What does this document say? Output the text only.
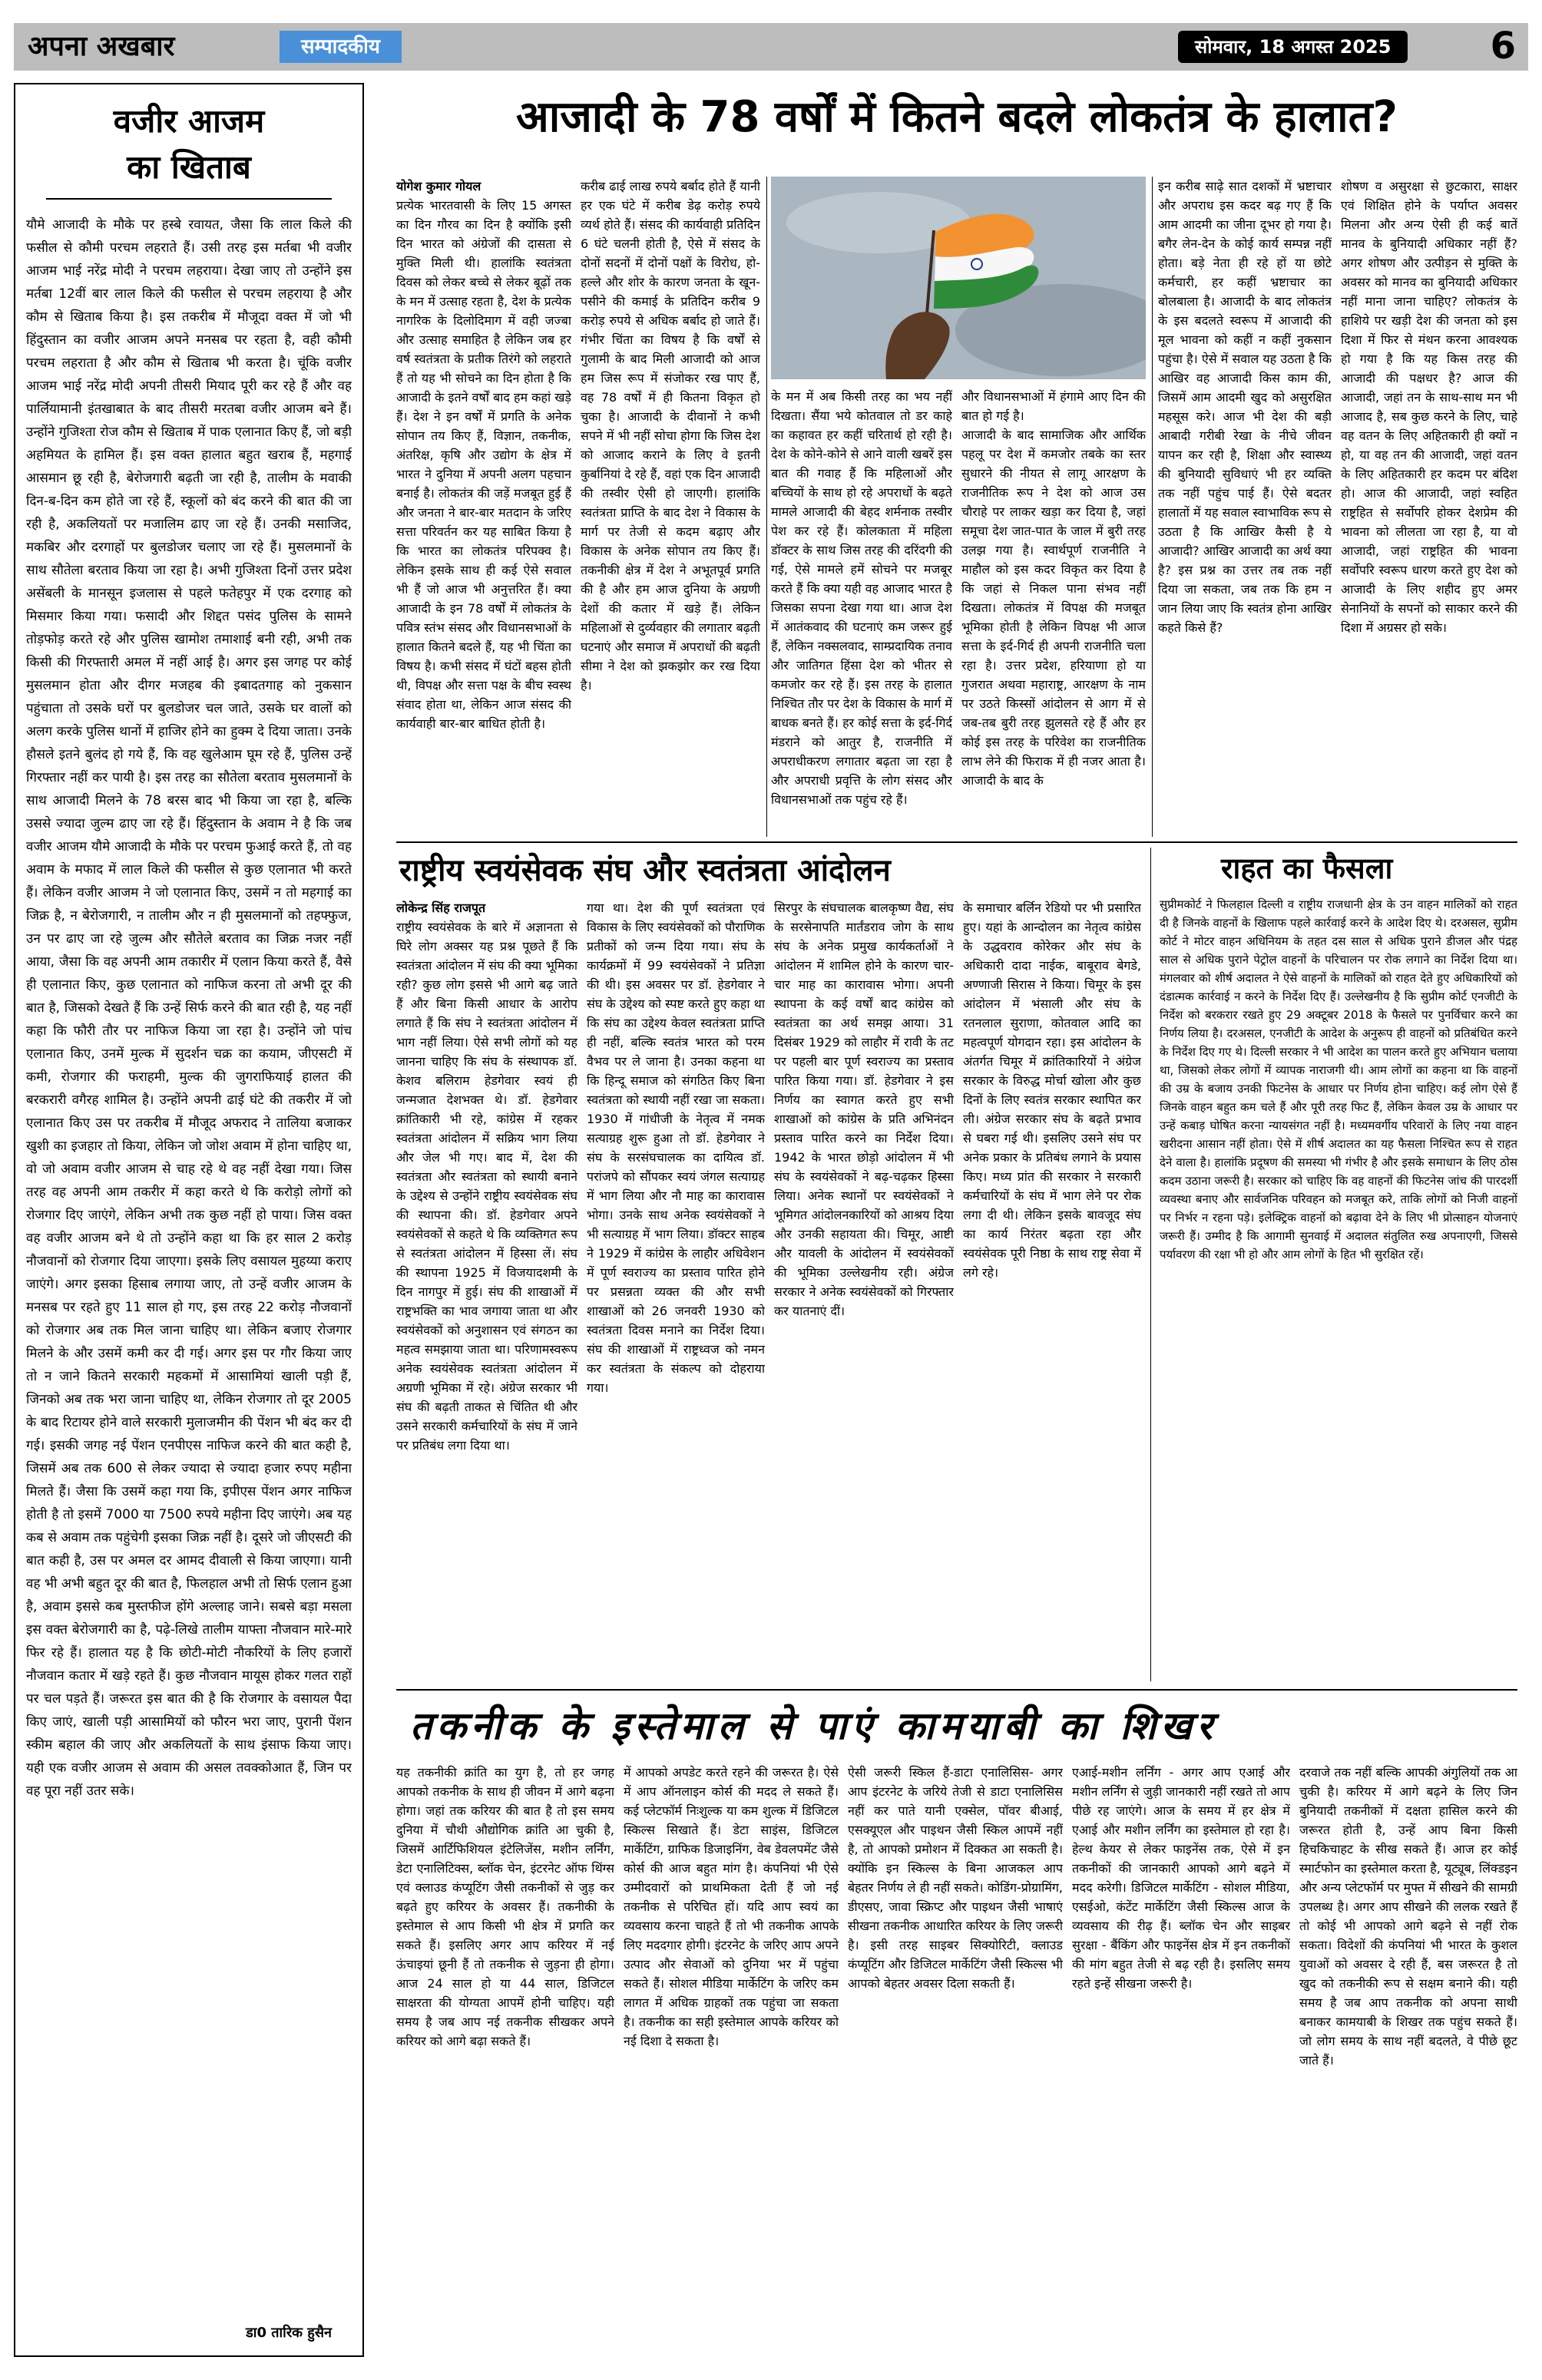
अपना अखबार	सम्पादकीय	सोमवार, 18 अगस्त 2025	6
वजीर आजम
का खिताब
यौमे आजादी के मौके पर हस्बे रवायत, जैसा कि लाल किले की फसील से कौमी परचम लहराते हैं। उसी तरह इस मर्तबा भी वजीर आजम भाई नरेंद्र मोदी ने परचम लहराया। देखा जाए तो उन्होंने इस मर्तबा 12वीं बार लाल किले की फसील से परचम लहराया है और कौम से खिताब किया है। इस तकरीब में मौजूदा वक्त में जो भी हिंदुस्तान का वजीर आजम अपने मनसब पर रहता है, वही कौमी परचम लहराता है और कौम से खिताब भी करता है। चूंकि वजीर आजम भाई नरेंद्र मोदी अपनी तीसरी मियाद पूरी कर रहे हैं और वह पार्लियामानी इंतखाबात के बाद तीसरी मरतबा वजीर आजम बने हैं। उन्होंने गुजिश्ता रोज कौम से खिताब में पाक एलानात किए हैं, जो बड़ी अहमियत के हामिल हैं। इस वक्त हालात बहुत खराब हैं, महगाई आसमान छू रही है, बेरोजगारी बढ़ती जा रही है, तालीम के मवाकी दिन-ब-दिन कम होते जा रहे हैं, स्कूलों को बंद करने की बात की जा रही है, अकलियतों पर मजालिम ढाए जा रहे हैं। उनकी मसाजिद, मकबिर और दरगाहों पर बुलडोजर चलाए जा रहे हैं। मुसलमानों के साथ सौतेला बरताव किया जा रहा है। अभी गुजिश्ता दिनों उत्तर प्रदेश असेंबली के मानसून इजलास से पहले फतेहपुर में एक दरगाह को मिसमार किया गया। फसादी और शिद्दत पसंद पुलिस के सामने तोड़फोड़ करते रहे और पुलिस खामोश तमाशाई बनी रही, अभी तक किसी की गिरफ्तारी अमल में नहीं आई है। अगर इस जगह पर कोई मुसलमान होता और दीगर मजहब की इबादतगाह को नुकसान पहुंचाता तो उसके घरों पर बुलडोजर चल जाते, उसके घर वालों को अलग करके पुलिस थानों में हाजिर होने का हुक्म दे दिया जाता। उनके हौसले इतने बुलंद हो गये हैं, कि वह खुलेआम घूम रहे हैं, पुलिस उन्हें गिरफ्तार नहीं कर पायी है। इस तरह का सौतेला बरताव मुसलमानों के साथ आजादी मिलने के 78 बरस बाद भी किया जा रहा है, बल्कि उससे ज्यादा जुल्म ढाए जा रहे हैं। हिंदुस्तान के अवाम ने है कि जब वजीर आजम यौमे आजादी के मौके पर परचम फुआई करते हैं, तो वह अवाम के मफाद में लाल किले की फसील से कुछ एलानात भी करते हैं। लेकिन वजीर आजम ने जो एलानात किए, उसमें न तो महगाई का जिक्र है, न बेरोजगारी, न तालीम और न ही मुसलमानों को तहफ्फुज, उन पर ढाए जा रहे जुल्म और सौतेले बरताव का जिक्र नजर नहीं आया, जैसा कि वह अपनी आम तकारीर में एलान किया करते हैं, वैसे ही एलानात किए, कुछ एलानात को नाफिज करना तो अभी दूर की बात है, जिसको देखते हैं कि उन्हें सिर्फ करने की बात रही है, यह नहीं कहा कि फौरी तौर पर नाफिज किया जा रहा है। उन्होंने जो पांच एलानात किए, उनमें मुल्क में सुदर्शन चक्र का कयाम, जीएसटी में कमी, रोजगार की फराहमी, मुल्क की जुगराफियाई हालत की बरकरारी वगैरह शामिल है। उन्होंने अपनी ढाई घंटे की तकरीर में जो एलानात किए उस पर तकरीब में मौजूद अफराद ने तालिया बजाकर खुशी का इजहार तो किया, लेकिन जो जोश अवाम में होना चाहिए था, वो जो अवाम वजीर आजम से चाह रहे थे वह नहीं देखा गया। जिस तरह वह अपनी आम तकरीर में कहा करते थे कि करोड़ो लोगों को रोजगार दिए जाएंगे, लेकिन अभी तक कुछ नहीं हो पाया। जिस वक्त वह वजीर आजम बने थे तो उन्होंने कहा था कि हर साल 2 करोड़ नौजवानों को रोजगार दिया जाएगा। इसके लिए वसायल मुहय्या कराए जाएंगे। अगर इसका हिसाब लगाया जाए, तो उन्हें वजीर आजम के मनसब पर रहते हुए 11 साल हो गए, इस तरह 22 करोड़ नौजवानों को रोजगार अब तक मिल जाना चाहिए था। लेकिन बजाए रोजगार मिलने के और उसमें कमी कर दी गई। अगर इस पर गौर किया जाए तो न जाने कितने सरकारी महकमों में आसामियां खाली पड़ी हैं, जिनको अब तक भरा जाना चाहिए था, लेकिन रोजगार तो दूर 2005 के बाद रिटायर होने वाले सरकारी मुलाजमीन की पेंशन भी बंद कर दी गई। इसकी जगह नई पेंशन एनपीएस नाफिज करने की बात कही है, जिसमें अब तक 600 से लेकर ज्यादा से ज्यादा हजार रुपए महीना मिलते हैं। जैसा कि उसमें कहा गया कि, इपीएस पेंशन अगर नाफिज होती है तो इसमें 7000 या 7500 रुपये महीना दिए जाएंगे। अब यह कब से अवाम तक पहुंचेगी इसका जिक्र नहीं है। दूसरे जो जीएसटी की बात कही है, उस पर अमल दर आमद दीवाली से किया जाएगा। यानी वह भी अभी बहुत दूर की बात है, फिलहाल अभी तो सिर्फ एलान हुआ है, अवाम इससे कब मुस्तफीज होंगे अल्लाह जाने। सबसे बड़ा मसला इस वक्त बेरोजगारी का है, पढ़े-लिखे तालीम याफ्ता नौजवान मारे-मारे फिर रहे हैं। हालात यह है कि छोटी-मोटी नौकरियों के लिए हजारों नौजवान कतार में खड़े रहते हैं। कुछ नौजवान मायूस होकर गलत राहों पर चल पड़ते हैं। जरूरत इस बात की है कि रोजगार के वसायल पैदा किए जाएं, खाली पड़ी आसामियों को फौरन भरा जाए, पुरानी पेंशन स्कीम बहाल की जाए और अकलियतों के साथ इंसाफ किया जाए। यही एक वजीर आजम से अवाम की असल तवक्कोआत हैं, जिन पर वह पूरा नहीं उतर सके।
डा0 तारिक हुसैन
आजादी के 78 वर्षों में कितने बदले लोकतंत्र के हालात?
योगेश कुमार गोयल
प्रत्येक भारतवासी के लिए 15 अगस्त का दिन गौरव का दिन है क्योंकि इसी दिन भारत को अंग्रेजों की दासता से मुक्ति मिली थी। हालांकि स्वतंत्रता दिवस को लेकर बच्चे से लेकर बूढ़ों तक के मन में उत्साह रहता है, देश के प्रत्येक नागरिक के दिलोदिमाग में वही जज्बा और उत्साह समाहित है लेकिन जब हर वर्ष स्वतंत्रता के प्रतीक तिरंगे को लहराते हैं तो यह भी सोचने का दिन होता है कि आजादी के इतने वर्षों बाद हम कहां खड़े हैं। देश ने इन वर्षों में प्रगति के अनेक सोपान तय किए हैं, विज्ञान, तकनीक, अंतरिक्ष, कृषि और उद्योग के क्षेत्र में भारत ने दुनिया में अपनी अलग पहचान बनाई है। लोकतंत्र की जड़ें मजबूत हुई हैं और जनता ने बार-बार मतदान के जरिए सत्ता परिवर्तन कर यह साबित किया है कि भारत का लोकतंत्र परिपक्व है। लेकिन इसके साथ ही कई ऐसे सवाल भी हैं जो आज भी अनुत्तरित हैं। क्या आजादी के इन 78 वर्षों में लोकतंत्र के पवित्र स्तंभ संसद और विधानसभाओं के हालात कितने बदले हैं, यह भी चिंता का विषय है। कभी संसद में घंटों बहस होती थी, विपक्ष और सत्ता पक्ष के बीच स्वस्थ संवाद होता था, लेकिन आज संसद की कार्यवाही बार-बार बाधित होती है।
करीब ढाई लाख रुपये बर्बाद होते हैं यानी हर एक घंटे में करीब डेढ़ करोड़ रुपये व्यर्थ होते हैं। संसद की कार्यवाही प्रतिदिन 6 घंटे चलनी होती है, ऐसे में संसद के दोनों सदनों में दोनों पक्षों के विरोध, हो-हल्ले और शोर के कारण जनता के खून-पसीने की कमाई के प्रतिदिन करीब 9 करोड़ रुपये से अधिक बर्बाद हो जाते हैं। गंभीर चिंता का विषय है कि वर्षों से गुलामी के बाद मिली आजादी को आज हम जिस रूप में संजोकर रख पाए हैं, वह 78 वर्षों में ही कितना विकृत हो चुका है। आजादी के दीवानों ने कभी सपने में भी नहीं सोचा होगा कि जिस देश को आजाद कराने के लिए वे इतनी कुर्बानियां दे रहे हैं, वहां एक दिन आजादी की तस्वीर ऐसी हो जाएगी। हालांकि स्वतंत्रता प्राप्ति के बाद देश ने विकास के मार्ग पर तेजी से कदम बढ़ाए और विकास के अनेक सोपान तय किए हैं। तकनीकी क्षेत्र में देश ने अभूतपूर्व प्रगति की है और हम आज दुनिया के अग्रणी देशों की कतार में खड़े हैं। लेकिन महिलाओं से दुर्व्यवहार की लगातार बढ़ती घटनाएं और समाज में अपराधों की बढ़ती सीमा ने देश को झकझोर कर रख दिया है।
के मन में अब किसी तरह का भय नहीं दिखता। सैंया भये कोतवाल तो डर काहे का कहावत हर कहीं चरितार्थ हो रही है। देश के कोने-कोने से आने वाली खबरें इस बात की गवाह हैं कि महिलाओं और बच्चियों के साथ हो रहे अपराधों के बढ़ते मामले आजादी की बेहद शर्मनाक तस्वीर पेश कर रहे हैं। कोलकाता में महिला डॉक्टर के साथ जिस तरह की दरिंदगी की गई, ऐसे मामले हमें सोचने पर मजबूर करते हैं कि क्या यही वह आजाद भारत है जिसका सपना देखा गया था। आज देश में आतंकवाद की घटनाएं कम जरूर हुई हैं, लेकिन नक्सलवाद, साम्प्रदायिक तनाव और जातिगत हिंसा देश को भीतर से कमजोर कर रहे हैं। इस तरह के हालात निश्चित तौर पर देश के विकास के मार्ग में बाधक बनते हैं। हर कोई सत्ता के इर्द-गिर्द मंडराने को आतुर है, राजनीति में अपराधीकरण लगातार बढ़ता जा रहा है और अपराधी प्रवृत्ति के लोग संसद और विधानसभाओं तक पहुंच रहे हैं।
और विधानसभाओं में हंगामे आए दिन की बात हो गई है।
आजादी के बाद सामाजिक और आर्थिक पहलू पर देश में कमजोर तबके का स्तर सुधारने की नीयत से लागू आरक्षण के राजनीतिक रूप ने देश को आज उस चौराहे पर लाकर खड़ा कर दिया है, जहां समूचा देश जात-पात के जाल में बुरी तरह उलझ गया है। स्वार्थपूर्ण राजनीति ने माहौल को इस कदर विकृत कर दिया है कि जहां से निकल पाना संभव नहीं दिखता। लोकतंत्र में विपक्ष की मजबूत भूमिका होती है लेकिन विपक्ष भी आज सत्ता के इर्द-गिर्द ही अपनी राजनीति चला रहा है। उत्तर प्रदेश, हरियाणा हो या गुजरात अथवा महाराष्ट्र, आरक्षण के नाम पर उठते किस्सों आंदोलन से आग में से जब-तब बुरी तरह झुलसते रहे हैं और हर कोई इस तरह के परिवेश का राजनीतिक लाभ लेने की फिराक में ही नजर आता है। आजादी के बाद के
इन करीब साढ़े सात दशकों में भ्रष्टाचार और अपराध इस कदर बढ़ गए हैं कि आम आदमी का जीना दूभर हो गया है। बगैर लेन-देन के कोई कार्य सम्पन्न नहीं होता। बड़े नेता ही रहे हों या छोटे कर्मचारी, हर कहीं भ्रष्टाचार का बोलबाला है। आजादी के बाद लोकतंत्र के इस बदलते स्वरूप में आजादी की मूल भावना को कहीं न कहीं नुकसान पहुंचा है। ऐसे में सवाल यह उठता है कि आखिर वह आजादी किस काम की, जिसमें आम आदमी खुद को असुरक्षित महसूस करे। आज भी देश की बड़ी आबादी गरीबी रेखा के नीचे जीवन यापन कर रही है, शिक्षा और स्वास्थ्य की बुनियादी सुविधाएं भी हर व्यक्ति तक नहीं पहुंच पाई हैं। ऐसे बदतर हालातों में यह सवाल स्वाभाविक रूप से उठता है कि आखिर कैसी है ये आजादी? आखिर आजादी का अर्थ क्या है? इस प्रश्न का उत्तर तब तक नहीं दिया जा सकता, जब तक कि हम न जान लिया जाए कि स्वतंत्र होना आखिर कहते किसे हैं?
शोषण व असुरक्षा से छुटकारा, साक्षर एवं शिक्षित होने के पर्याप्त अवसर मिलना और अन्य ऐसी ही कई बातें मानव के बुनियादी अधिकार नहीं हैं? अगर शोषण और उत्पीड़न से मुक्ति के अवसर को मानव का बुनियादी अधिकार नहीं माना जाना चाहिए? लोकतंत्र के हाशिये पर खड़ी देश की जनता को इस दिशा में फिर से मंथन करना आवश्यक हो गया है कि यह किस तरह की आजादी की पक्षधर है? आज की आजादी, जहां तन के साथ-साथ मन भी आजाद है, सब कुछ करने के लिए, चाहे वह वतन के लिए अहितकारी ही क्यों न हो, या वह तन की आजादी, जहां वतन के लिए अहितकारी हर कदम पर बंदिश हो। आज की आजादी, जहां स्वहित राष्ट्रहित से सर्वोपरि होकर देशप्रेम की भावना को लीलता जा रहा है, या वो आजादी, जहां राष्ट्रहित की भावना सर्वोपरि स्वरूप धारण करते हुए देश को आजादी के लिए शहीद हुए अमर सेनानियों के सपनों को साकार करने की दिशा में अग्रसर हो सके।
राष्ट्रीय स्वयंसेवक संघ और स्वतंत्रता आंदोलन
लोकेन्द्र सिंह राजपूत
राष्ट्रीय स्वयंसेवक के बारे में अज्ञानता से घिरे लोग अक्सर यह प्रश्न पूछते हैं कि स्वतंत्रता आंदोलन में संघ की क्या भूमिका रही? कुछ लोग इससे भी आगे बढ़ जाते हैं और बिना किसी आधार के आरोप लगाते हैं कि संघ ने स्वतंत्रता आंदोलन में भाग नहीं लिया। ऐसे सभी लोगों को यह जानना चाहिए कि संघ के संस्थापक डॉ. केशव बलिराम हेडगेवार स्वयं ही जन्मजात देशभक्त थे। डॉ. हेडगेवार क्रांतिकारी भी रहे, कांग्रेस में रहकर स्वतंत्रता आंदोलन में सक्रिय भाग लिया और जेल भी गए। बाद में, देश की स्वतंत्रता और स्वतंत्रता को स्थायी बनाने के उद्देश्य से उन्होंने राष्ट्रीय स्वयंसेवक संघ की स्थापना की। डॉ. हेडगेवार अपने स्वयंसेवकों से कहते थे कि व्यक्तिगत रूप से स्वतंत्रता आंदोलन में हिस्सा लें। संघ की स्थापना 1925 में विजयादशमी के दिन नागपुर में हुई। संघ की शाखाओं में राष्ट्रभक्ति का भाव जगाया जाता था और स्वयंसेवकों को अनुशासन एवं संगठन का महत्व समझाया जाता था। परिणामस्वरूप अनेक स्वयंसेवक स्वतंत्रता आंदोलन में अग्रणी भूमिका में रहे। अंग्रेज सरकार भी संघ की बढ़ती ताकत से चिंतित थी और उसने सरकारी कर्मचारियों के संघ में जाने पर प्रतिबंध लगा दिया था।
गया था। देश की पूर्ण स्वतंत्रता एवं विकास के लिए स्वयंसेवकों को पौराणिक प्रतीकों को जन्म दिया गया। संघ के कार्यक्रमों में 99 स्वयंसेवकों ने प्रतिज्ञा की थी। इस अवसर पर डॉ. हेडगेवार ने संघ के उद्देश्य को स्पष्ट करते हुए कहा था कि संघ का उद्देश्य केवल स्वतंत्रता प्राप्ति ही नहीं, बल्कि स्वतंत्र भारत को परम वैभव पर ले जाना है। उनका कहना था कि हिन्दू समाज को संगठित किए बिना स्वतंत्रता को स्थायी नहीं रखा जा सकता। 1930 में गांधीजी के नेतृत्व में नमक सत्याग्रह शुरू हुआ तो डॉ. हेडगेवार ने संघ के सरसंघचालक का दायित्व डॉ. परांजपे को सौंपकर स्वयं जंगल सत्याग्रह में भाग लिया और नौ माह का कारावास भोगा। उनके साथ अनेक स्वयंसेवकों ने भी सत्याग्रह में भाग लिया। डॉक्टर साहब ने 1929 में कांग्रेस के लाहौर अधिवेशन में पूर्ण स्वराज्य का प्रस्ताव पारित होने पर प्रसन्नता व्यक्त की और सभी शाखाओं को 26 जनवरी 1930 को स्वतंत्रता दिवस मनाने का निर्देश दिया। संघ की शाखाओं में राष्ट्रध्वज को नमन कर स्वतंत्रता के संकल्प को दोहराया गया।
सिरपुर के संघचालक बालकृष्ण वैद्य, संघ के सरसेनापति मार्तंडराव जोग के साथ संघ के अनेक प्रमुख कार्यकर्ताओं ने आंदोलन में शामिल होने के कारण चार-चार माह का कारावास भोगा। अपनी स्थापना के कई वर्षों बाद कांग्रेस को स्वतंत्रता का अर्थ समझ आया। 31 दिसंबर 1929 को लाहौर में रावी के तट पर पहली बार पूर्ण स्वराज्य का प्रस्ताव पारित किया गया। डॉ. हेडगेवार ने इस निर्णय का स्वागत करते हुए सभी शाखाओं को कांग्रेस के प्रति अभिनंदन प्रस्ताव पारित करने का निर्देश दिया। 1942 के भारत छोड़ो आंदोलन में भी संघ के स्वयंसेवकों ने बढ़-चढ़कर हिस्सा लिया। अनेक स्थानों पर स्वयंसेवकों ने भूमिगत आंदोलनकारियों को आश्रय दिया और उनकी सहायता की। चिमूर, आष्टी और यावली के आंदोलन में स्वयंसेवकों की भूमिका उल्लेखनीय रही। अंग्रेज सरकार ने अनेक स्वयंसेवकों को गिरफ्तार कर यातनाएं दीं।
के समाचार बर्लिन रेडियो पर भी प्रसारित हुए। यहां के आन्दोलन का नेतृत्व कांग्रेस के उद्धवराव कोरेकर और संघ के अधिकारी दादा नाईक, बाबूराव बेगडे, अण्णाजी सिरास ने किया। चिमूर के इस आंदोलन में भंसाली और संघ के रतनलाल सुराणा, कोतवाल आदि का महत्वपूर्ण योगदान रहा। इस आंदोलन के अंतर्गत चिमूर में क्रांतिकारियों ने अंग्रेज सरकार के विरुद्ध मोर्चा खोला और कुछ दिनों के लिए स्वतंत्र सरकार स्थापित कर ली। अंग्रेज सरकार संघ के बढ़ते प्रभाव से घबरा गई थी। इसलिए उसने संघ पर अनेक प्रकार के प्रतिबंध लगाने के प्रयास किए। मध्य प्रांत की सरकार ने सरकारी कर्मचारियों के संघ में भाग लेने पर रोक लगा दी थी। लेकिन इसके बावजूद संघ का कार्य निरंतर बढ़ता रहा और स्वयंसेवक पूरी निष्ठा के साथ राष्ट्र सेवा में लगे रहे।
राहत का फैसला
सुप्रीमकोर्ट ने फिलहाल दिल्ली व राष्ट्रीय राजधानी क्षेत्र के उन वाहन मालिकों को राहत दी है जिनके वाहनों के खिलाफ पहले कार्रवाई करने के आदेश दिए थे। दरअसल, सुप्रीम कोर्ट ने मोटर वाहन अधिनियम के तहत दस साल से अधिक पुराने डीजल और पंद्रह साल से अधिक पुराने पेट्रोल वाहनों के परिचालन पर रोक लगाने का निर्देश दिया था। मंगलवार को शीर्ष अदालत ने ऐसे वाहनों के मालिकों को राहत देते हुए अधिकारियों को दंडात्मक कार्रवाई न करने के निर्देश दिए हैं। उल्लेखनीय है कि सुप्रीम कोर्ट एनजीटी के निर्देश को बरकरार रखते हुए 29 अक्टूबर 2018 के फैसले पर पुनर्विचार करने का निर्णय लिया है। दरअसल, एनजीटी के आदेश के अनुरूप ही वाहनों को प्रतिबंधित करने के निर्देश दिए गए थे। दिल्ली सरकार ने भी आदेश का पालन करते हुए अभियान चलाया था, जिसको लेकर लोगों में व्यापक नाराजगी थी। आम लोगों का कहना था कि वाहनों की उम्र के बजाय उनकी फिटनेस के आधार पर निर्णय होना चाहिए। कई लोग ऐसे हैं जिनके वाहन बहुत कम चले हैं और पूरी तरह फिट हैं, लेकिन केवल उम्र के आधार पर उन्हें कबाड़ घोषित करना न्यायसंगत नहीं है। मध्यमवर्गीय परिवारों के लिए नया वाहन खरीदना आसान नहीं होता। ऐसे में शीर्ष अदालत का यह फैसला निश्चित रूप से राहत देने वाला है। हालांकि प्रदूषण की समस्या भी गंभीर है और इसके समाधान के लिए ठोस कदम उठाना जरूरी है। सरकार को चाहिए कि वह वाहनों की फिटनेस जांच की पारदर्शी व्यवस्था बनाए और सार्वजनिक परिवहन को मजबूत करे, ताकि लोगों को निजी वाहनों पर निर्भर न रहना पड़े। इलेक्ट्रिक वाहनों को बढ़ावा देने के लिए भी प्रोत्साहन योजनाएं जरूरी हैं। उम्मीद है कि आगामी सुनवाई में अदालत संतुलित रुख अपनाएगी, जिससे पर्यावरण की रक्षा भी हो और आम लोगों के हित भी सुरक्षित रहें।
तकनीक के इस्तेमाल से पाएं कामयाबी का शिखर
यह तकनीकी क्रांति का युग है, तो हर जगह आपको तकनीक के साथ ही जीवन में आगे बढ़ना होगा। जहां तक करियर की बात है तो इस समय दुनिया में चौथी औद्योगिक क्रांति आ चुकी है, जिसमें आर्टिफिशियल इंटेलिजेंस, मशीन लर्निंग, डेटा एनालिटिक्स, ब्लॉक चेन, इंटरनेट ऑफ थिंग्स एवं क्लाउड कंप्यूटिंग जैसी तकनीकों से जुड़ कर बढ़ते हुए करियर के अवसर हैं। तकनीकी के इस्तेमाल से आप किसी भी क्षेत्र में प्रगति कर सकते हैं। इसलिए अगर आप करियर में नई ऊंचाइयां छूनी हैं तो तकनीक से जुड़ना ही होगा। आज 24 साल हो या 44 साल, डिजिटल साक्षरता की योग्यता आपमें होनी चाहिए। यही समय है जब आप नई तकनीक सीखकर अपने करियर को आगे बढ़ा सकते हैं।
में आपको अपडेट करते रहने की जरूरत है। ऐसे में आप ऑनलाइन कोर्स की मदद ले सकते हैं। कई प्लेटफॉर्म निःशुल्क या कम शुल्क में डिजिटल स्किल्स सिखाते हैं। डेटा साइंस, डिजिटल मार्केटिंग, ग्राफिक डिजाइनिंग, वेब डेवलपमेंट जैसे कोर्स की आज बहुत मांग है। कंपनियां भी ऐसे उम्मीदवारों को प्राथमिकता देती हैं जो नई तकनीक से परिचित हों। यदि आप स्वयं का व्यवसाय करना चाहते हैं तो भी तकनीक आपके लिए मददगार होगी। इंटरनेट के जरिए आप अपने उत्पाद और सेवाओं को दुनिया भर में पहुंचा सकते हैं। सोशल मीडिया मार्केटिंग के जरिए कम लागत में अधिक ग्राहकों तक पहुंचा जा सकता है। तकनीक का सही इस्तेमाल आपके करियर को नई दिशा दे सकता है।
ऐसी जरूरी स्किल हैं-डाटा एनालिसिस- अगर आप इंटरनेट के जरिये तेजी से डाटा एनालिसिस नहीं कर पाते यानी एक्सेल, पॉवर बीआई, एसक्यूएल और पाइथन जैसी स्किल आपमें नहीं है, तो आपको प्रमोशन में दिक्कत आ सकती है। क्योंकि इन स्किल्स के बिना आजकल आप बेहतर निर्णय ले ही नहीं सकते। कोडिंग-प्रोग्रामिंग, डीएसए, जावा स्क्रिप्ट और पाइथन जैसी भाषाएं सीखना तकनीक आधारित करियर के लिए जरूरी है। इसी तरह साइबर सिक्योरिटी, क्लाउड कंप्यूटिंग और डिजिटल मार्केटिंग जैसी स्किल्स भी आपको बेहतर अवसर दिला सकती हैं।
एआई-मशीन लर्निंग - अगर आप एआई और मशीन लर्निंग से जुड़ी जानकारी नहीं रखते तो आप पीछे रह जाएंगे। आज के समय में हर क्षेत्र में एआई और मशीन लर्निंग का इस्तेमाल हो रहा है। हेल्थ केयर से लेकर फाइनेंस तक, ऐसे में इन तकनीकों की जानकारी आपको आगे बढ़ने में मदद करेगी। डिजिटल मार्केटिंग - सोशल मीडिया, एसईओ, कंटेंट मार्केटिंग जैसी स्किल्स आज के व्यवसाय की रीढ़ हैं। ब्लॉक चेन और साइबर सुरक्षा - बैंकिंग और फाइनेंस क्षेत्र में इन तकनीकों की मांग बहुत तेजी से बढ़ रही है। इसलिए समय रहते इन्हें सीखना जरूरी है।
दरवाजे तक नहीं बल्कि आपकी अंगुलियों तक आ चुकी है। करियर में आगे बढ़ने के लिए जिन बुनियादी तकनीकों में दक्षता हासिल करने की जरूरत होती है, उन्हें आप बिना किसी हिचकिचाहट के सीख सकते हैं। आज हर कोई स्मार्टफोन का इस्तेमाल करता है, यूट्यूब, लिंक्डइन और अन्य प्लेटफॉर्म पर मुफ्त में सीखने की सामग्री उपलब्ध है। अगर आप सीखने की ललक रखते हैं तो कोई भी आपको आगे बढ़ने से नहीं रोक सकता। विदेशों की कंपनियां भी भारत के कुशल युवाओं को अवसर दे रही हैं, बस जरूरत है तो खुद को तकनीकी रूप से सक्षम बनाने की। यही समय है जब आप तकनीक को अपना साथी बनाकर कामयाबी के शिखर तक पहुंच सकते हैं। जो लोग समय के साथ नहीं बदलते, वे पीछे छूट जाते हैं।
